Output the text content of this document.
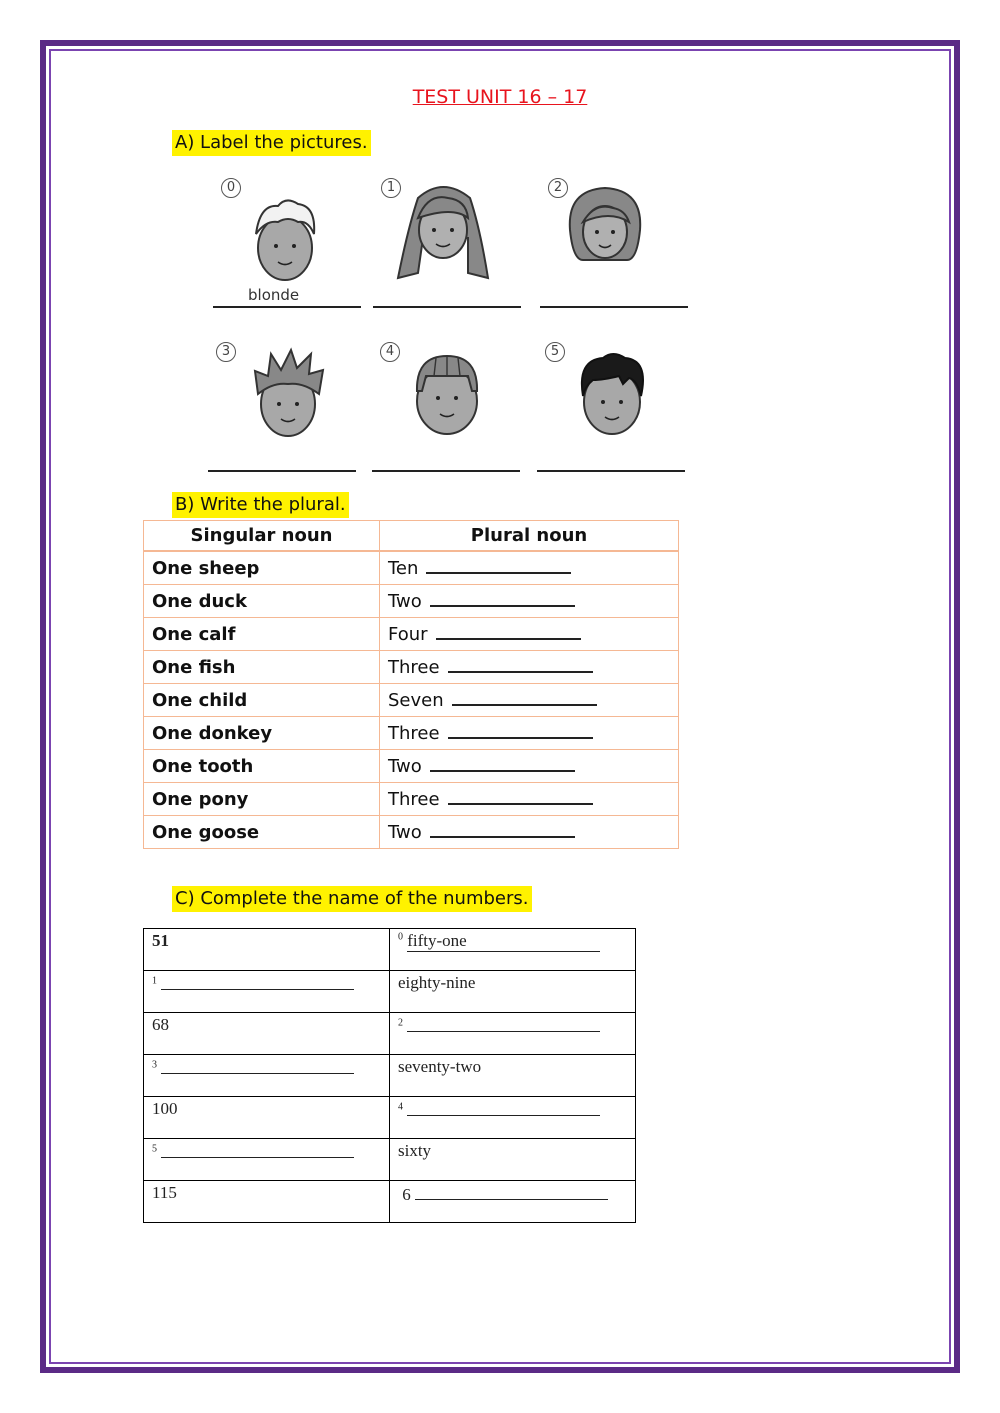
TEST UNIT 16 – 17
A) Label the pictures.
0
blonde
1	2
3	4	5
B) Write the plural.
Singular noun	Plural noun
One sheep	Ten
One duck	Two
One calf	Four
One fish	Three
One child	Seven
One donkey	Three
One tooth	Two
One pony	Three
One goose	Two
C) Complete the name of the numbers.
51	$^0$ fifty-one
$^1$	eighty-nine
68	$^2$
$^3$	seventy-two
100	$^4$
$^5$	sixty
115	6
